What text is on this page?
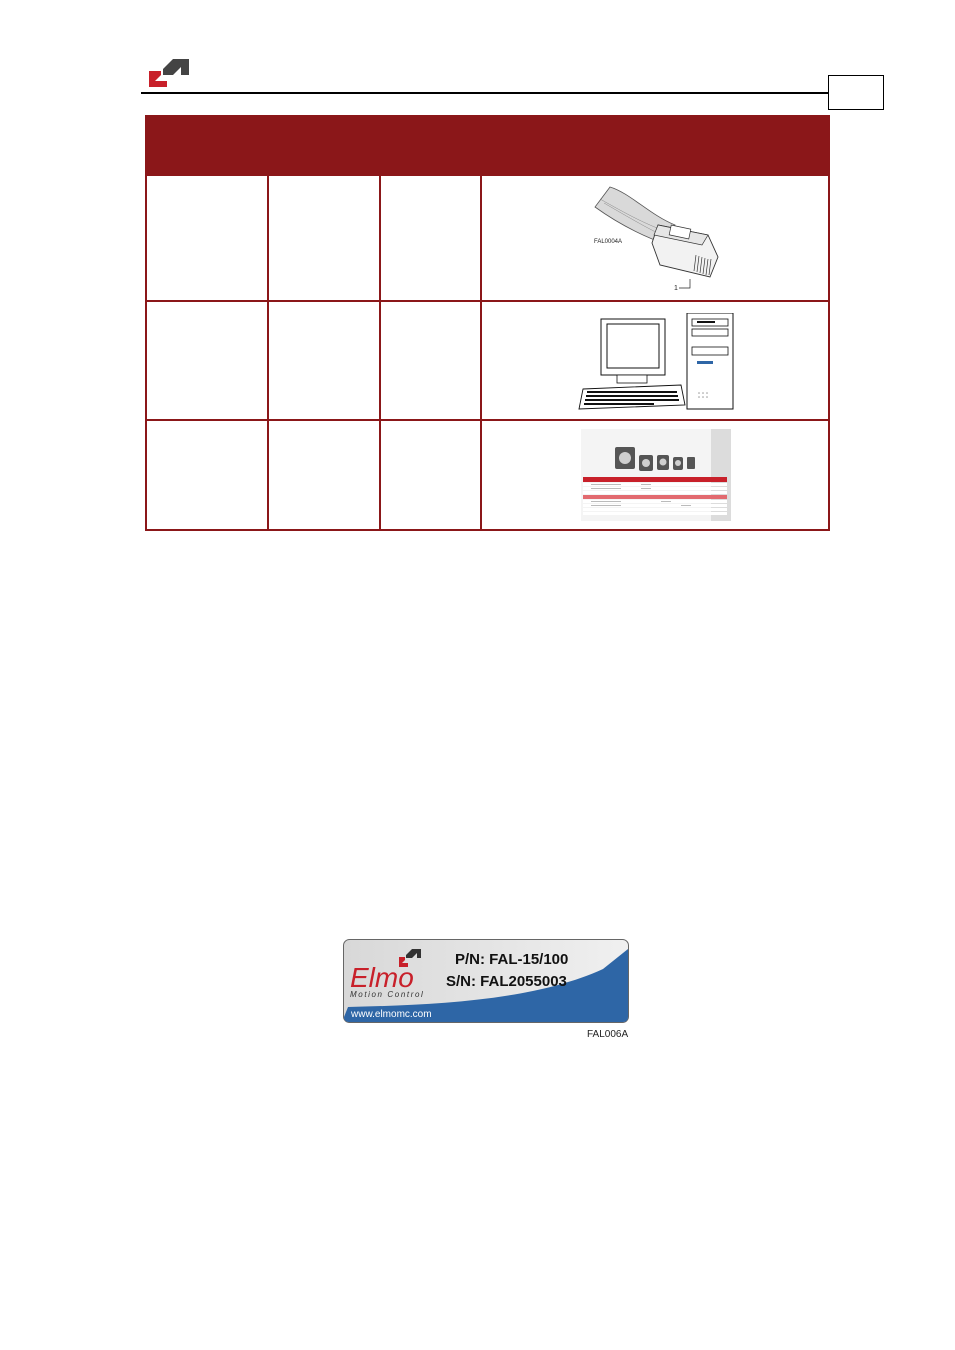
FAL0004A
1
Elmo
Motion Control
P/N: FAL-15/100
S/N: FAL2055003
www.elmomc.com
FAL006A
